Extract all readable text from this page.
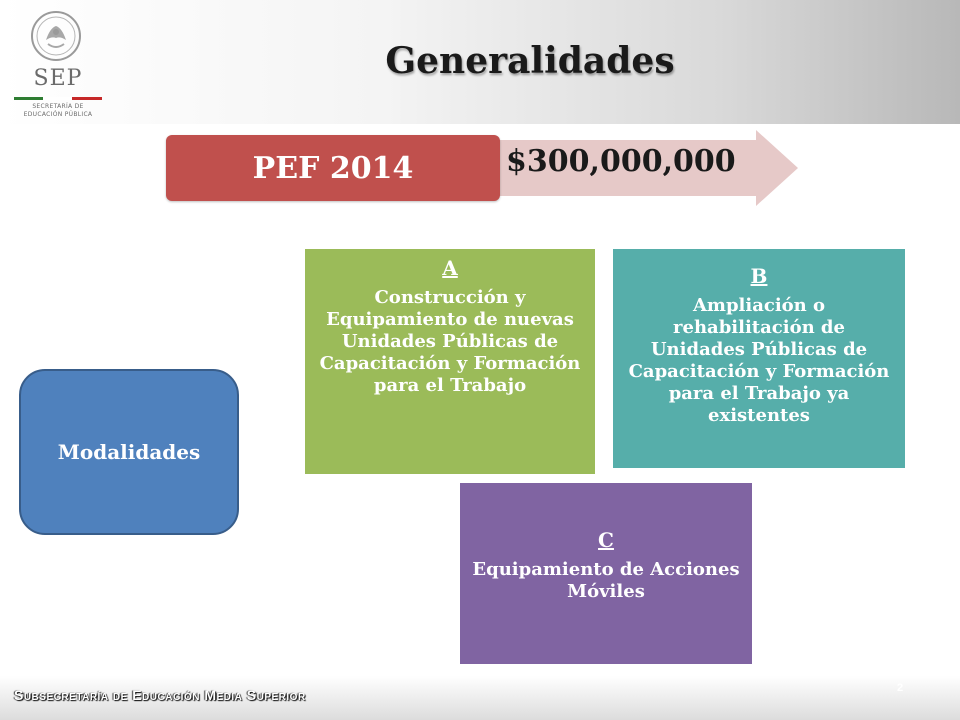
SEP
SECRETARÍA DE
EDUCACIÓN PÚBLICA
Generalidades
$300,000,000
PEF 2014
Modalidades
A
Construcción y Equipamiento de nuevas Unidades Públicas de Capacitación y Formación para el Trabajo
B
Ampliación o rehabilitación de Unidades Públicas de Capacitación y Formación para el Trabajo ya existentes
C
Equipamiento de Acciones Móviles
Subsecretaría de Educación Media Superior	2
